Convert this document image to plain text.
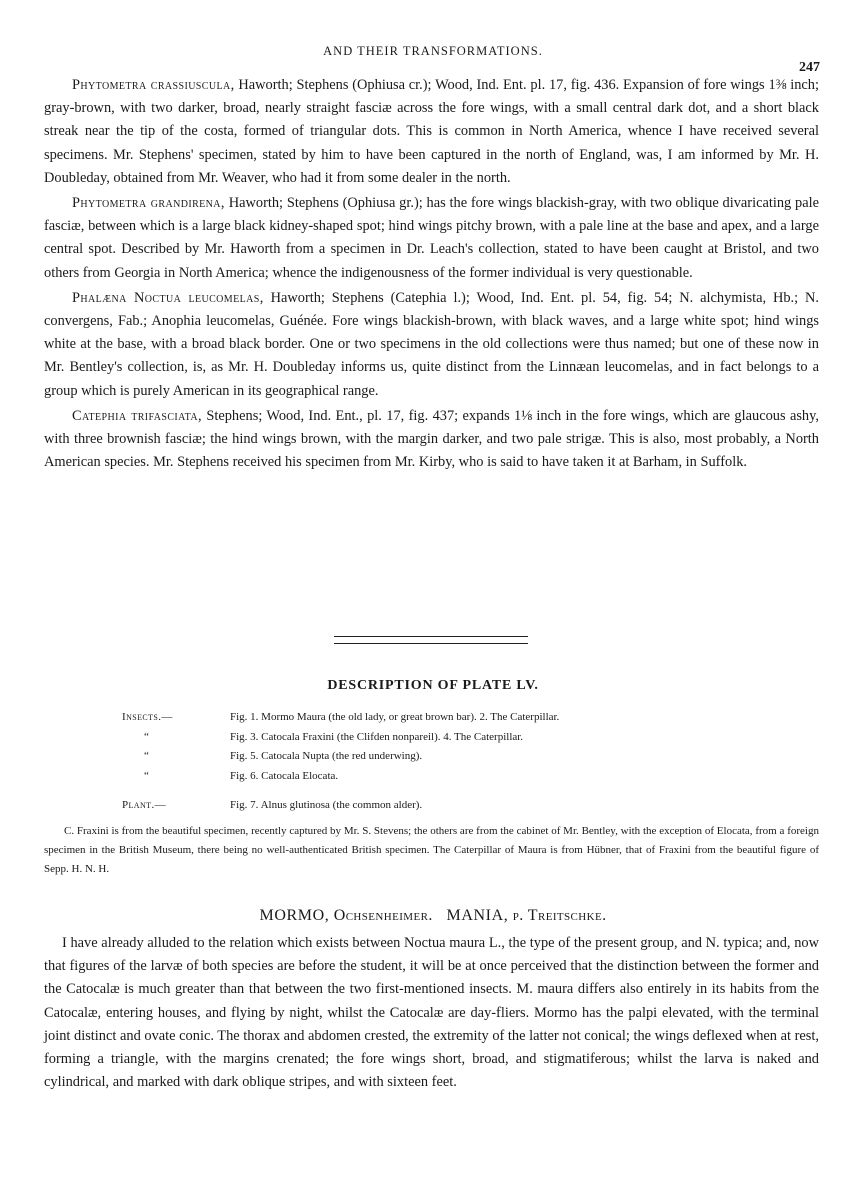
AND THEIR TRANSFORMATIONS.
247

Phytometra crassiuscula, Haworth; Stephens (Ophiusa cr.); Wood, Ind. Ent. pl. 17, fig. 436. Expansion of fore wings 1⅜ inch; gray-brown, with two darker, broad, nearly straight fasciæ across the fore wings, with a small central dark dot, and a short black streak near the tip of the costa, formed of triangular dots. This is common in North America, whence I have received several specimens. Mr. Stephens' specimen, stated by him to have been captured in the north of England, was, I am informed by Mr. H. Doubleday, obtained from Mr. Weaver, who had it from some dealer in the north.

Phytometra grandirena, Haworth; Stephens (Ophiusa gr.); has the fore wings blackish-gray, with two oblique divaricating pale fasciæ, between which is a large black kidney-shaped spot; hind wings pitchy brown, with a pale line at the base and apex, and a large central spot. Described by Mr. Haworth from a specimen in Dr. Leach's collection, stated to have been caught at Bristol, and two others from Georgia in North America; whence the indigenousness of the former individual is very questionable.

Phalæna Noctua leucomelas, Haworth; Stephens (Catephia l.); Wood, Ind. Ent. pl. 54, fig. 54; N. alchymista, Hb.; N. convergens, Fab.; Anophia leucomelas, Guénée. Fore wings blackish-brown, with black waves, and a large white spot; hind wings white at the base, with a broad black border. One or two specimens in the old collections were thus named; but one of these now in Mr. Bentley's collection, is, as Mr. H. Doubleday informs us, quite distinct from the Linnæan leucomelas, and in fact belongs to a group which is purely American in its geographical range.

Catephia trifasciata, Stephens; Wood, Ind. Ent., pl. 17, fig. 437; expands 1⅛ inch in the fore wings, which are glaucous ashy, with three brownish fasciæ; the hind wings brown, with the margin darker, and two pale strigæ. This is also, most probably, a North American species. Mr. Stephens received his specimen from Mr. Kirby, who is said to have taken it at Barham, in Suffolk.

DESCRIPTION OF PLATE LV.
Insects.—	Fig. 1. Mormo Maura (the old lady, or great brown bar). 2. The Caterpillar.
“	Fig. 3. Catocala Fraxini (the Clifden nonpareil). 4. The Caterpillar.
“	Fig. 5. Catocala Nupta (the red underwing).
“	Fig. 6. Catocala Elocata.
Plant.—	Fig. 7. Alnus glutinosa (the common alder).
C. Fraxini is from the beautiful specimen, recently captured by Mr. S. Stevens; the others are from the cabinet of Mr. Bentley, with the exception of Elocata, from a foreign specimen in the British Museum, there being no well-authenticated British specimen. The Caterpillar of Maura is from Hübner, that of Fraxini from the beautiful figure of Sepp. H. N. H.
MORMO, Ochsenheimer. MANIA, p. Treitschke.
I have already alluded to the relation which exists between Noctua maura L., the type of the present group, and N. typica; and, now that figures of the larvæ of both species are before the student, it will be at once perceived that the distinction between the former and the Catocalæ is much greater than that between the two first-mentioned insects. M. maura differs also entirely in its habits from the Catocalæ, entering houses, and flying by night, whilst the Catocalæ are day-fliers. Mormo has the palpi elevated, with the terminal joint distinct and ovate conic. The thorax and abdomen crested, the extremity of the latter not conical; the wings deflexed when at rest, forming a triangle, with the margins crenated; the fore wings short, broad, and stigmatiferous; whilst the larva is naked and cylindrical, and marked with dark oblique stripes, and with sixteen feet.
